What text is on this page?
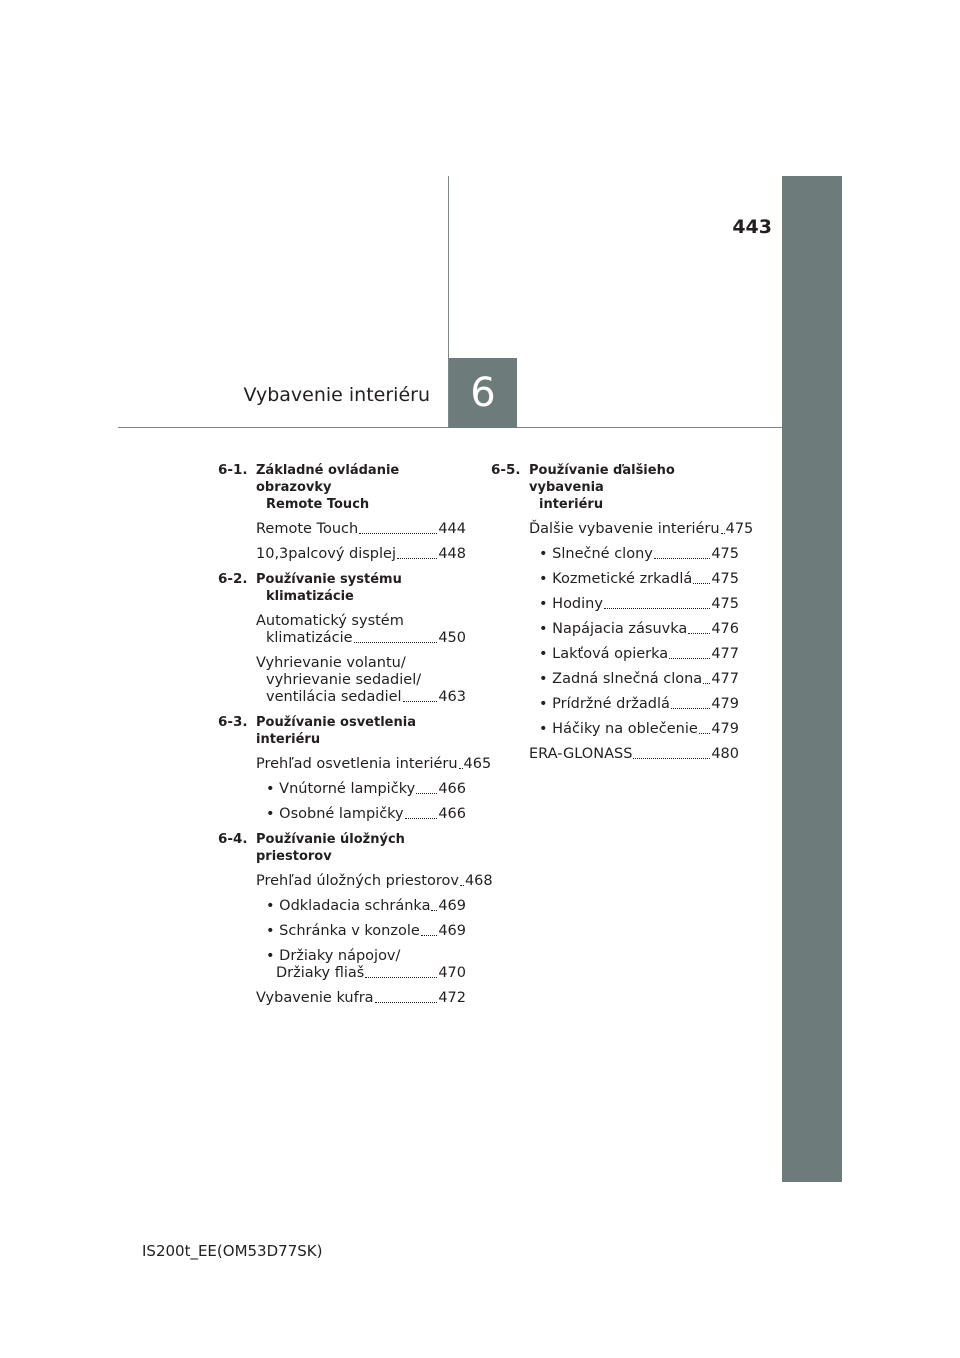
443
Vybavenie interiéru	6
6-1. Základné ovládanie obrazovky
Remote Touch
Remote Touch	444
10,3palcový displej	448
6-2. Používanie systému
klimatizácie
Automatický systém
klimatizácie	450
Vyhrievanie volantu/
vyhrievanie sedadiel/
ventilácia sedadiel	463
6-3. Používanie osvetlenia interiéru
Prehľad osvetlenia interiéru 465
• Vnútorné lampičky 466
• Osobné lampičky 466
6-4. Používanie úložných priestorov
Prehľad úložných priestorov 468
• Odkladacia schránka 469
• Schránka v konzole 469
• Držiaky nápojov/
Držiaky fliaš	470
Vybavenie kufra	472
6-5. Používanie ďalšieho vybavenia
interiéru
Ďalšie vybavenie interiéru 475
• Slnečné clony	475
• Kozmetické zrkadlá 475
• Hodiny	475
• Napájacia zásuvka 476
• Lakťová opierka	477
• Zadná slnečná clona 477
• Prídržné držadlá	479
• Háčiky na oblečenie 479
ERA-GLONASS	480
IS200t_EE(OM53D77SK)
